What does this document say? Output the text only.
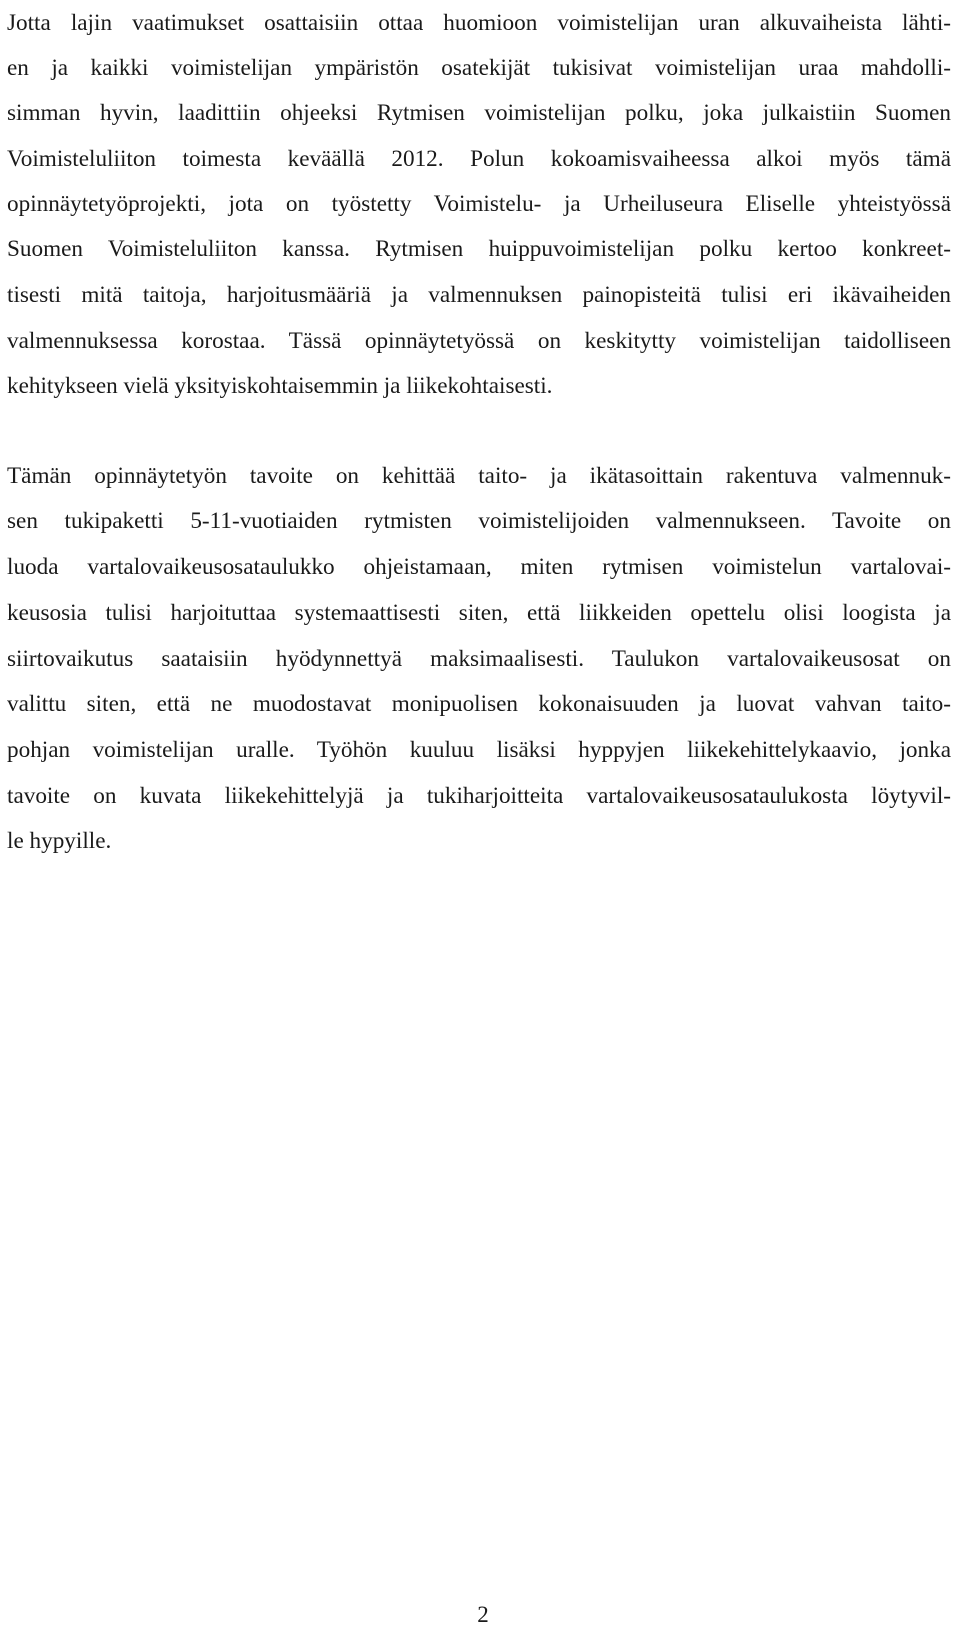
Jotta lajin vaatimukset osattaisiin ottaa huomioon voimistelijan uran alkuvaiheista lähti-
en ja kaikki voimistelijan ympäristön osatekijät tukisivat voimistelijan uraa mahdolli-
simman hyvin, laadittiin ohjeeksi Rytmisen voimistelijan polku, joka julkaistiin Suomen
Voimisteluliiton toimesta keväällä 2012. Polun kokoamisvaiheessa alkoi myös tämä
opinnäytetyöprojekti, jota on työstetty Voimistelu- ja Urheiluseura Eliselle yhteistyössä
Suomen Voimisteluliiton kanssa. Rytmisen huippuvoimistelijan polku kertoo konkreet-
tisesti mitä taitoja, harjoitusmääriä ja valmennuksen painopisteitä tulisi eri ikävaiheiden
valmennuksessa korostaa. Tässä opinnäytetyössä on keskitytty voimistelijan taidolliseen
kehitykseen vielä yksityiskohtaisemmin ja liikekohtaisesti.
Tämän opinnäytetyön tavoite on kehittää taito- ja ikätasoittain rakentuva valmennuk-
sen tukipaketti 5-11-vuotiaiden rytmisten voimistelijoiden valmennukseen. Tavoite on
luoda vartalovaikeusosataulukko ohjeistamaan, miten rytmisen voimistelun vartalovai-
keusosia tulisi harjoituttaa systemaattisesti siten, että liikkeiden opettelu olisi loogista ja
siirtovaikutus saataisiin hyödynnettyä maksimaalisesti. Taulukon vartalovaikeusosat on
valittu siten, että ne muodostavat monipuolisen kokonaisuuden ja luovat vahvan taito-
pohjan voimistelijan uralle. Työhön kuuluu lisäksi hyppyjen liikekehittelykaavio, jonka
tavoite on kuvata liikekehittelyjä ja tukiharjoitteita vartalovaikeusosataulukosta löytyvil-
le hypyille.
2
